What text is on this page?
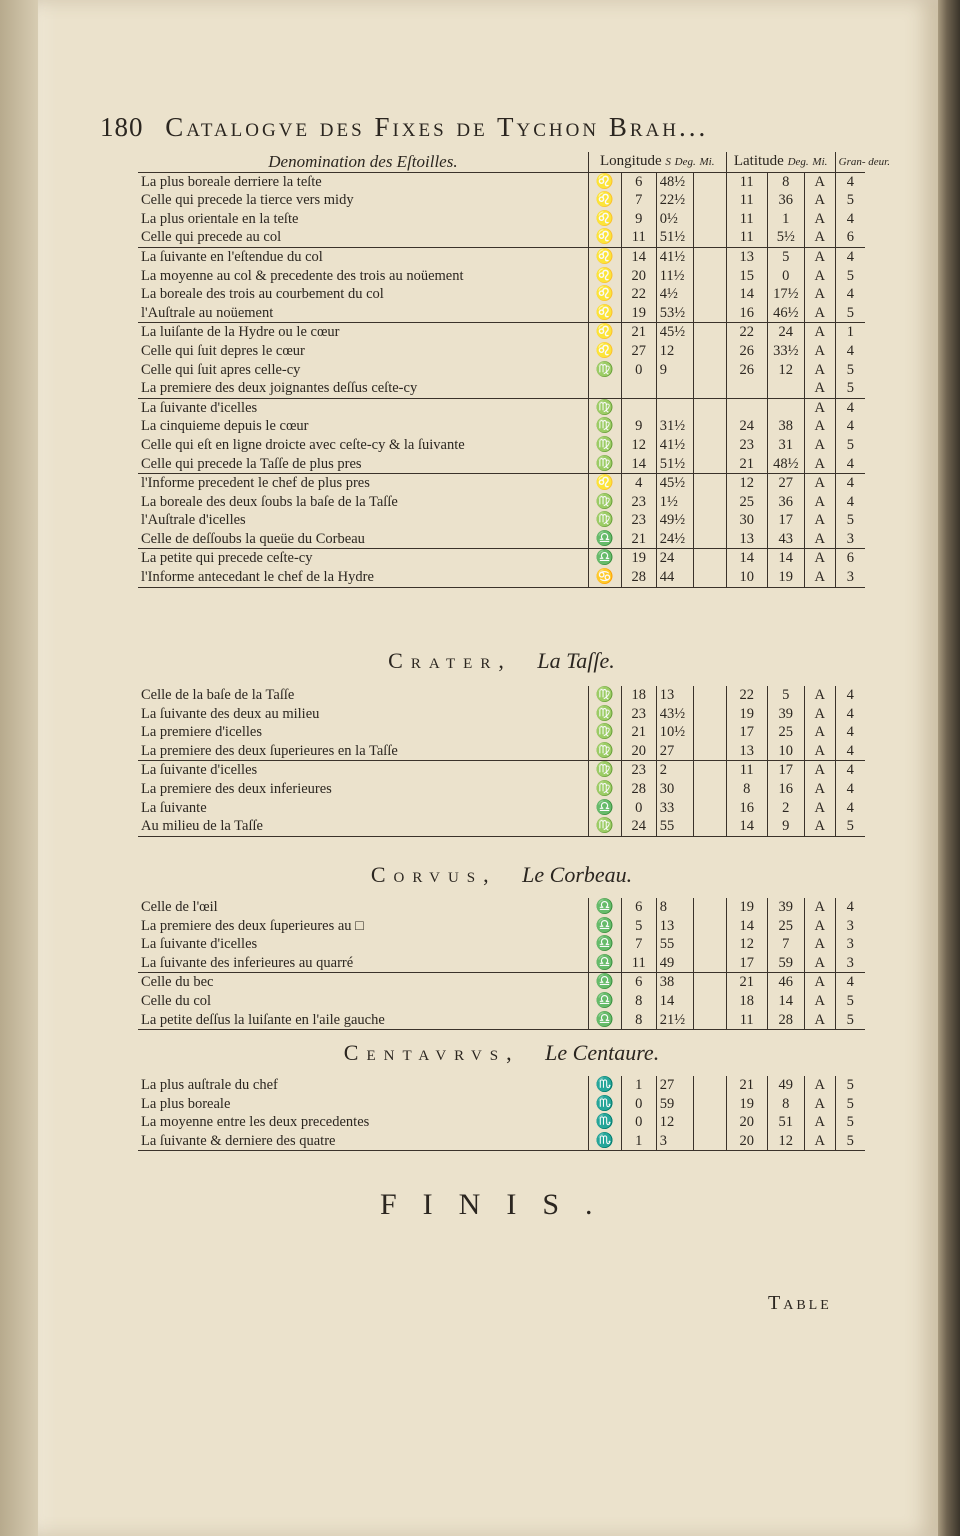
180 Catalogve des Fixes de Tychon Brah...
Denomination des Eſtoilles.	Longitude S Deg. Mi.				Latitude Deg. Mi.			Gran- deur.
La plus boreale derriere la teſte	♌	6	48½		11	8	A	4
Celle qui precede la tierce vers midy	♌	7	22½		11	36	A	5
La plus orientale en la teſte	♌	9	0½		11	1	A	4
Celle qui precede au col	♌	11	51½		11	5½	A	6
La ſuivante en l'eſtendue du col	♌	14	41½		13	5	A	4
La moyenne au col & precedente des trois au noüement	♌	20	11½		15	0	A	5
La boreale des trois au courbement du col	♌	22	4½		14	17½	A	4
l'Auſtrale au noüement	♌	19	53½		16	46½	A	5
La luiſante de la Hydre ou le cœur	♌	21	45½		22	24	A	1
Celle qui ſuit depres le cœur	♌	27	12		26	33½	A	4
Celle qui ſuit apres celle-cy	♍	0	9		26	12	A	5
La premiere des deux joignantes deſſus ceſte-cy							A	5
La ſuivante d'icelles	♍						A	4
La cinquieme depuis le cœur	♍	9	31½		24	38	A	4
Celle qui eſt en ligne droicte avec ceſte-cy & la ſuivante	♍	12	41½		23	31	A	5
Celle qui precede la Taſſe de plus pres	♍	14	51½		21	48½	A	4
l'Informe precedent le chef de plus pres	♌	4	45½		12	27	A	4
La boreale des deux ſoubs la baſe de la Taſſe	♍	23	1½		25	36	A	4
l'Auſtrale d'icelles	♍	23	49½		30	17	A	5
Celle de deſſoubs la queüe du Corbeau	♎	21	24½		13	43	A	3
La petite qui precede ceſte-cy	♎	19	24		14	14	A	6
l'Informe antecedant le chef de la Hydre	♋	28	44		10	19	A	3
Crater, La Taſſe.
Celle de la baſe de la Taſſe	♍	18	13		22	5	A	4
La ſuivante des deux au milieu	♍	23	43½		19	39	A	4
La premiere d'icelles	♍	21	10½		17	25	A	4
La premiere des deux ſuperieures en la Taſſe	♍	20	27		13	10	A	4
La ſuivante d'icelles	♍	23	2		11	17	A	4
La premiere des deux inferieures	♍	28	30		8	16	A	4
La ſuivante	♎	0	33		16	2	A	4
Au milieu de la Taſſe	♍	24	55		14	9	A	5
Corvus, Le Corbeau.
Celle de l'œil	♎	6	8		19	39	A	4
La premiere des deux ſuperieures au □	♎	5	13		14	25	A	3
La ſuivante d'icelles	♎	7	55		12	7	A	3
La ſuivante des inferieures au quarré	♎	11	49		17	59	A	3
Celle du bec	♎	6	38		21	46	A	4
Celle du col	♎	8	14		18	14	A	5
La petite deſſus la luiſante en l'aile gauche	♎	8	21½		11	28	A	5
Centavrvs, Le Centaure.
La plus auſtrale du chef	♏	1	27		21	49	A	5
La plus boreale	♏	0	59		19	8	A	5
La moyenne entre les deux precedentes	♏	0	12		20	51	A	5
La ſuivante & derniere des quatre	♏	1	3		20	12	A	5
FINIS.
Table
